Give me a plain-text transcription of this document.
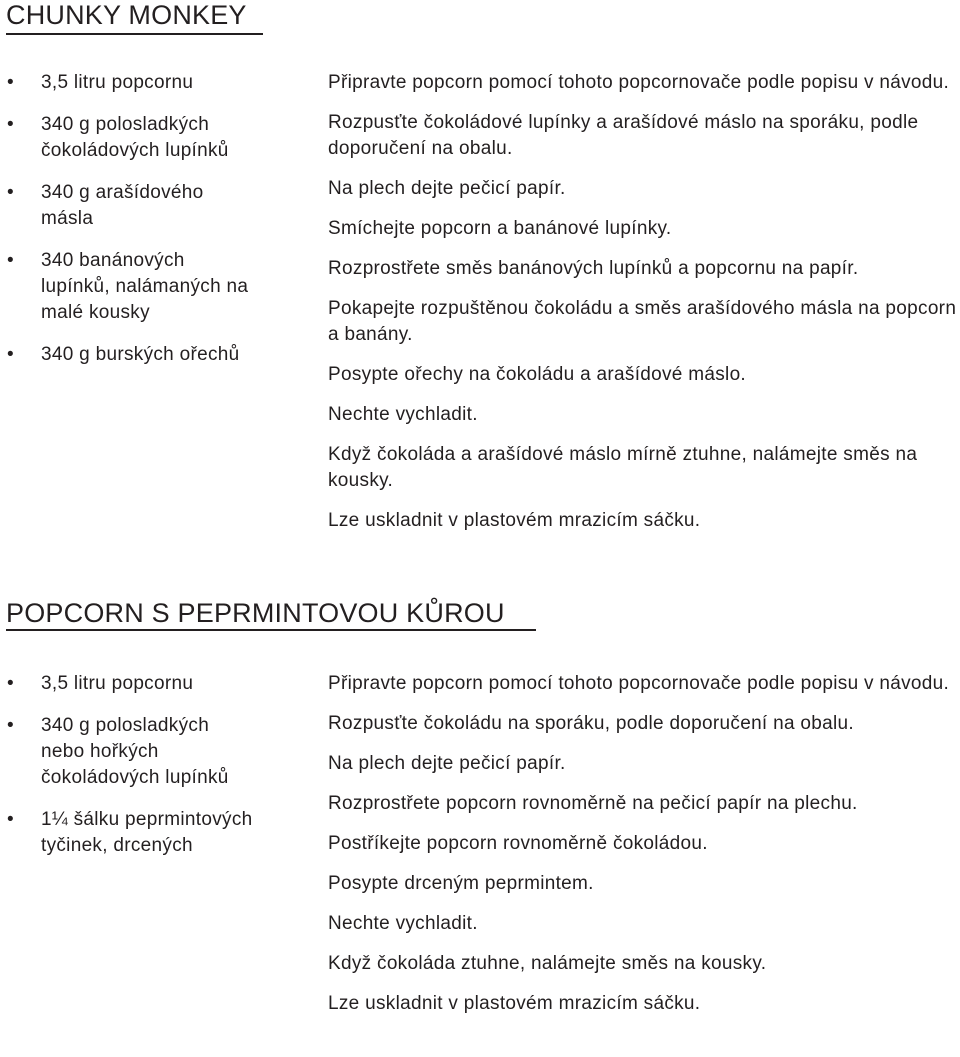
CHUNKY MONKEY
• 3,5 litru popcornu
• 340 g polosladkých čokoládových lupínků
• 340 g arašídového másla
• 340 banánových lupínků, nalámaných na malé kousky
• 340 g burských ořechů
Připravte popcorn pomocí tohoto popcornovače podle popisu v návodu.
Rozpusťte čokoládové lupínky a arašídové máslo na sporáku, podle doporučení na obalu.
Na plech dejte pečicí papír.
Smíchejte popcorn a banánové lupínky.
Rozprostřete směs banánových lupínků a popcornu na papír.
Pokapejte rozpuštěnou čokoládu a směs arašídového másla na popcorn a banány.
Posypte ořechy na čokoládu a arašídové máslo.
Nechte vychladit.
Když čokoláda a arašídové máslo mírně ztuhne, nalámejte směs na kousky.
Lze uskladnit v plastovém mrazicím sáčku.
POPCORN S PEPRMINTOVOU KŮROU
• 3,5 litru popcornu
• 340 g polosladkých nebo hořkých čokoládových lupínků
• 1¼ šálku peprmintových tyčinek, drcených
Připravte popcorn pomocí tohoto popcornovače podle popisu v návodu.
Rozpusťte čokoládu na sporáku, podle doporučení na obalu.
Na plech dejte pečicí papír.
Rozprostřete popcorn rovnoměrně na pečicí papír na plechu.
Postříkejte popcorn rovnoměrně čokoládou.
Posypte drceným peprmintem.
Nechte vychladit.
Když čokoláda ztuhne, nalámejte směs na kousky.
Lze uskladnit v plastovém mrazicím sáčku.
